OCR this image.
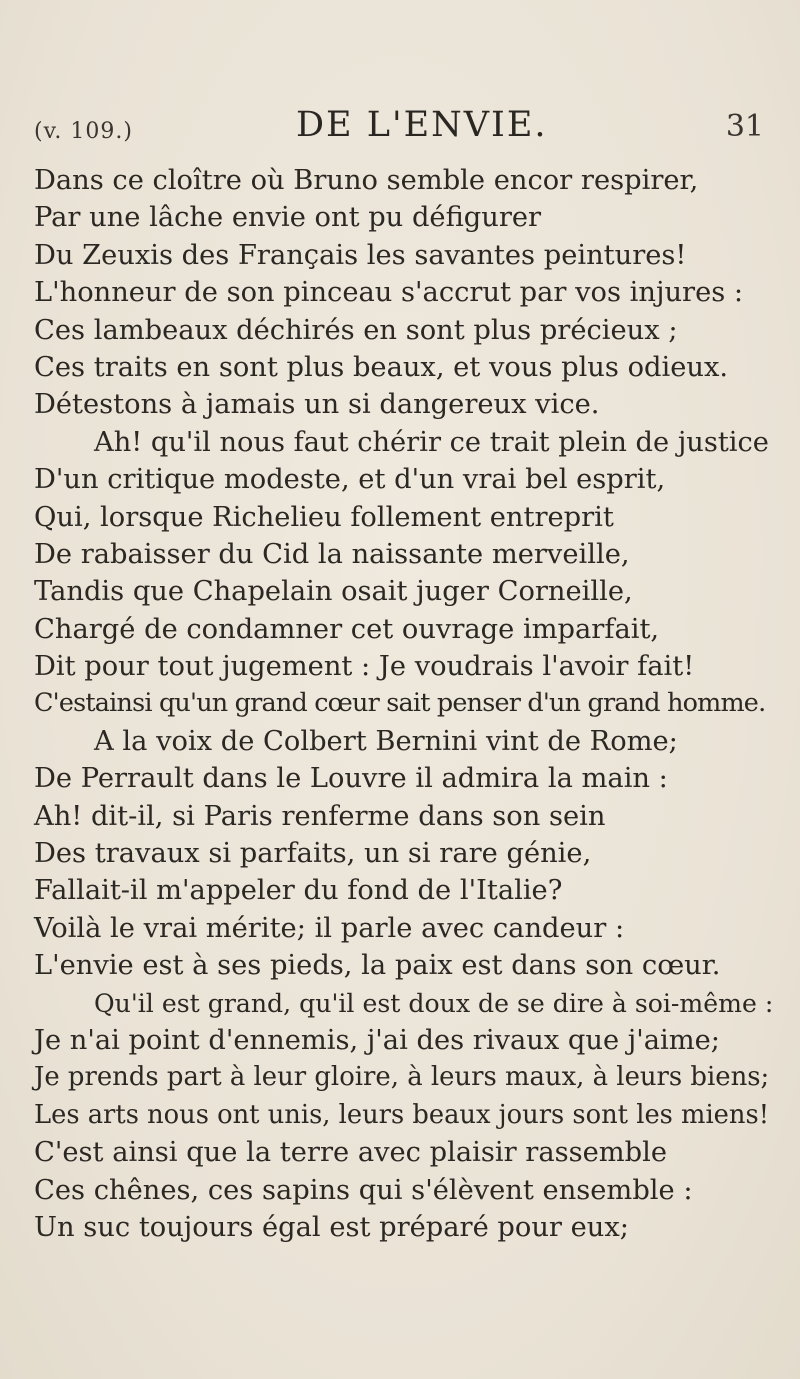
(v. 109.)	DE L'ENVIE.	31
Dans ce cloître où Bruno semble encor respirer,
Par une lâche envie ont pu défigurer
Du Zeuxis des Français les savantes peintures!
L'honneur de son pinceau s'accrut par vos injures :
Ces lambeaux déchirés en sont plus précieux ;
Ces traits en sont plus beaux, et vous plus odieux.
Détestons à jamais un si dangereux vice.
Ah! qu'il nous faut chérir ce trait plein de justice
D'un critique modeste, et d'un vrai bel esprit,
Qui, lorsque Richelieu follement entreprit
De rabaisser du Cid la naissante merveille,
Tandis que Chapelain osait juger Corneille,
Chargé de condamner cet ouvrage imparfait,
Dit pour tout jugement : Je voudrais l'avoir fait!
C'estainsi qu'un grand cœur sait penser d'un grand homme.
A la voix de Colbert Bernini vint de Rome;
De Perrault dans le Louvre il admira la main :
Ah! dit-il, si Paris renferme dans son sein
Des travaux si parfaits, un si rare génie,
Fallait-il m'appeler du fond de l'Italie?
Voilà le vrai mérite; il parle avec candeur :
L'envie est à ses pieds, la paix est dans son cœur.
Qu'il est grand, qu'il est doux de se dire à soi-même :
Je n'ai point d'ennemis, j'ai des rivaux que j'aime;
Je prends part à leur gloire, à leurs maux, à leurs biens;
Les arts nous ont unis, leurs beaux jours sont les miens!
C'est ainsi que la terre avec plaisir rassemble
Ces chênes, ces sapins qui s'élèvent ensemble :
Un suc toujours égal est préparé pour eux;
